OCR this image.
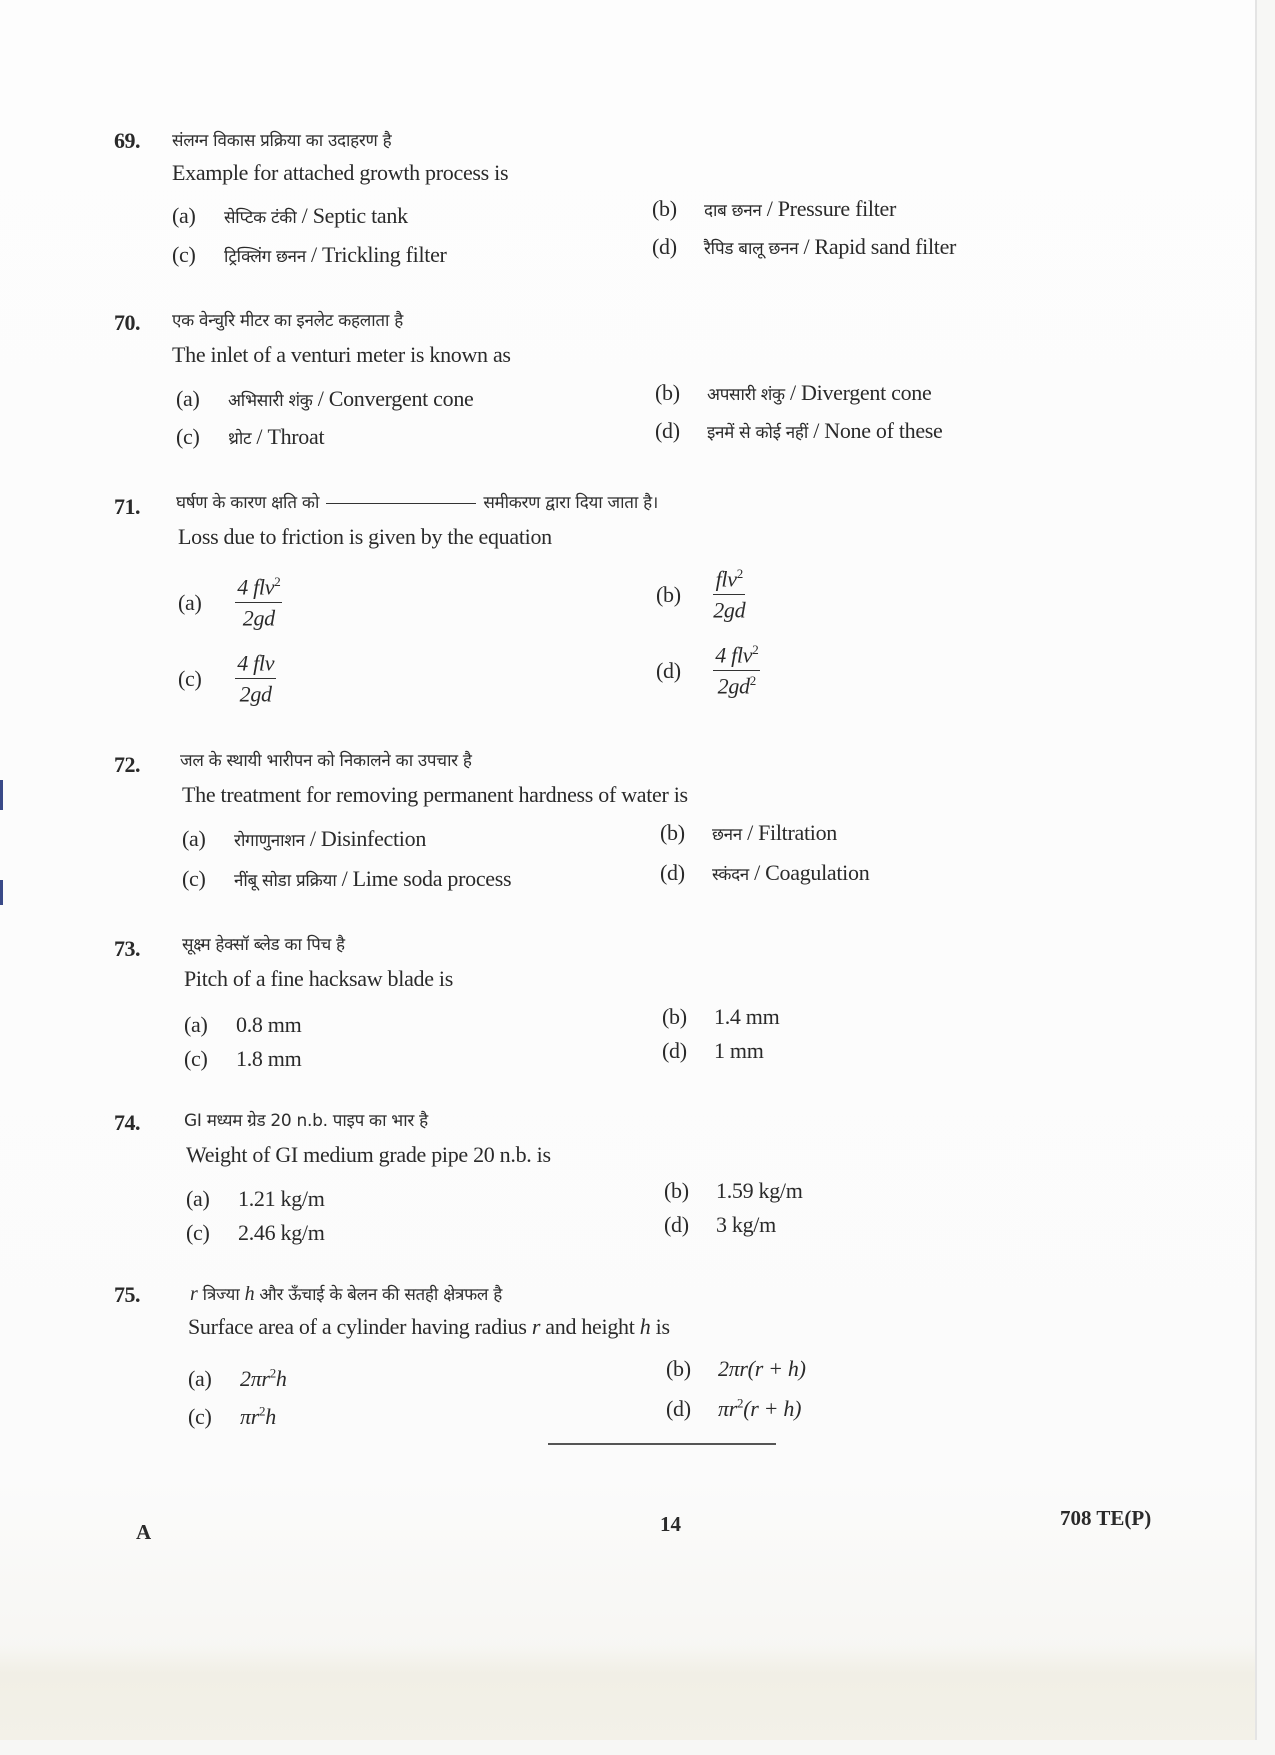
69. संलग्न विकास प्रक्रिया का उदाहरण है
Example for attached growth process is
(a) सेप्टिक टंकी / Septic tank	(b) दाब छनन / Pressure filter
(c) ट्रिक्लिंग छनन / Trickling filter	(d) रैपिड बालू छनन / Rapid sand filter
70. एक वेन्चुरि मीटर का इनलेट कहलाता है
The inlet of a venturi meter is known as
(a) अभिसारी शंकु / Convergent cone	(b) अपसारी शंकु / Divergent cone
(c) थ्रोट / Throat	(d) इनमें से कोई नहीं / None of these
71. घर्षण के कारण क्षति को	समीकरण द्वारा दिया जाता है।
Loss due to friction is given by the equation
$(a) \frac{4 flv^2}{2gd}$	$(b) \frac{flv^2}{2gd}$
$(c) \frac{\text{4 flv}}{2gd}$	$(d) \frac{4 flv^2}{2gd^2}$
72. जल के स्थायी भारीपन को निकालने का उपचार है
The treatment for removing permanent hardness of water is
(a) रोगाणुनाशन / Disinfection	(b) छनन / Filtration
(c) नींबू सोडा प्रक्रिया / Lime soda process	(d) स्कंदन / Coagulation
73. सूक्ष्म हेक्सॉ ब्लेड का पिच है
Pitch of a fine hacksaw blade is
(a) 0.8 mm	(b) 1.4 mm
(c) 1.8 mm	(d) 1 mm
74.	GI मध्यम ग्रेड 20 n.b. पाइप का भार है
Weight of GI medium grade pipe 20 n.b. is
(a) 1.21 kg/m	(b) 1.59 kg/m
(c) 2.46 kg/m	(d) 3 kg/m
75.	r त्रिज्या h और ऊँचाई के बेलन की सतही क्षेत्रफल है
Surface area of a cylinder having radius r and height h is
(a) $2\pi r^2h$	(b) 2πr(r + h)
(c) $\pi r^2h$	(d) $\pi r^2(r + h)$
A	14	708 TE(P)
